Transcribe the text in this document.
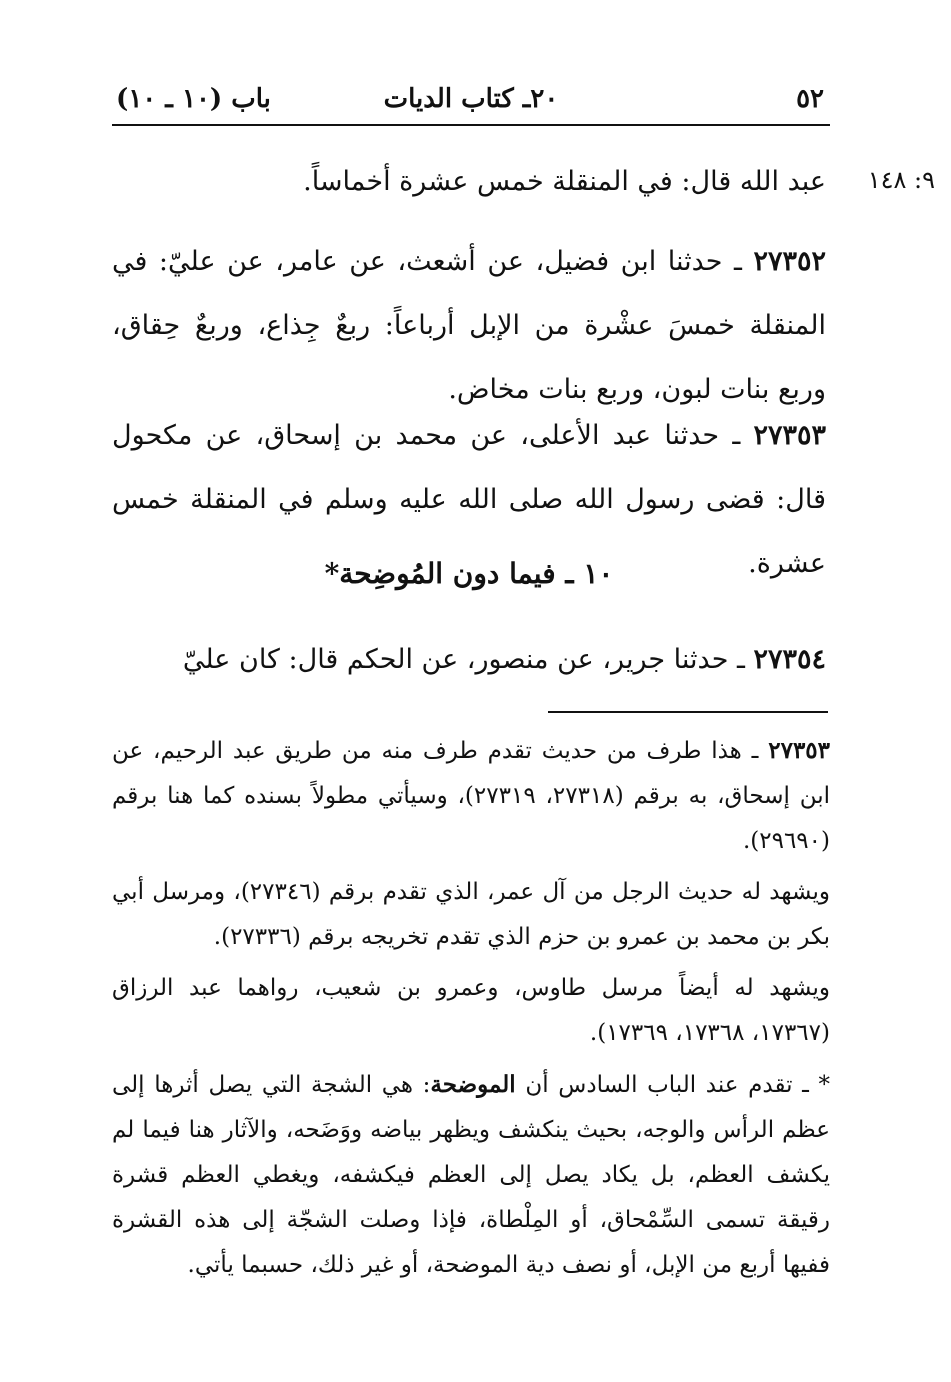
٥٢
٢٠ـ كتاب الديات
باب (١٠ ـ ١٠)
٩: ١٤٨
عبد الله قال: في المنقلة خمس عشرة أخماساً.
٢٧٣٥٢ ـ حدثنا ابن فضيل، عن أشعث، عن عامر، عن عليّ: في المنقلة خمسَ عشْرة من الإبل أرباعاً: ربعٌ جِذاع، وربعٌ حِقاق، وربع بنات لبون، وربع بنات مخاض.
٢٧٣٥٣ ـ حدثنا عبد الأعلى، عن محمد بن إسحاق، عن مكحول قال: قضى رسول الله صلى الله عليه وسلم في المنقلة خمس عشرة.
٢٧٣٥٤ ـ حدثنا جرير، عن منصور، عن الحكم قال: كان عليّ
١٠ ـ فيما دون المُوضِحة*
٢٧٣٥٣ ـ هذا طرف من حديث تقدم طرف منه من طريق عبد الرحيم، عن ابن إسحاق، به برقم (٢٧٣١٨، ٢٧٣١٩)، وسيأتي مطولاً بسنده كما هنا برقم (٢٩٦٩٠).
ويشهد له حديث الرجل من آل عمر، الذي تقدم برقم (٢٧٣٤٦)، ومرسل أبي بكر بن محمد بن عمرو بن حزم الذي تقدم تخريجه برقم (٢٧٣٣٦).
ويشهد له أيضاً مرسل طاوس، وعمرو بن شعيب، رواهما عبد الرزاق (١٧٣٦٧، ١٧٣٦٨، ١٧٣٦٩).
* ـ تقدم عند الباب السادس أن الموضحة: هي الشجة التي يصل أثرها إلى عظم الرأس والوجه، بحيث ينكشف ويظهر بياضه ووَضَحه، والآثار هنا فيما لم يكشف العظم، بل يكاد يصل إلى العظم فيكشفه، ويغطي العظم قشرة رقيقة تسمى السِّمْحاق، أو المِلْطاة، فإذا وصلت الشجّة إلى هذه القشرة ففيها أربع من الإبل، أو نصف دية الموضحة، أو غير ذلك، حسبما يأتي.
